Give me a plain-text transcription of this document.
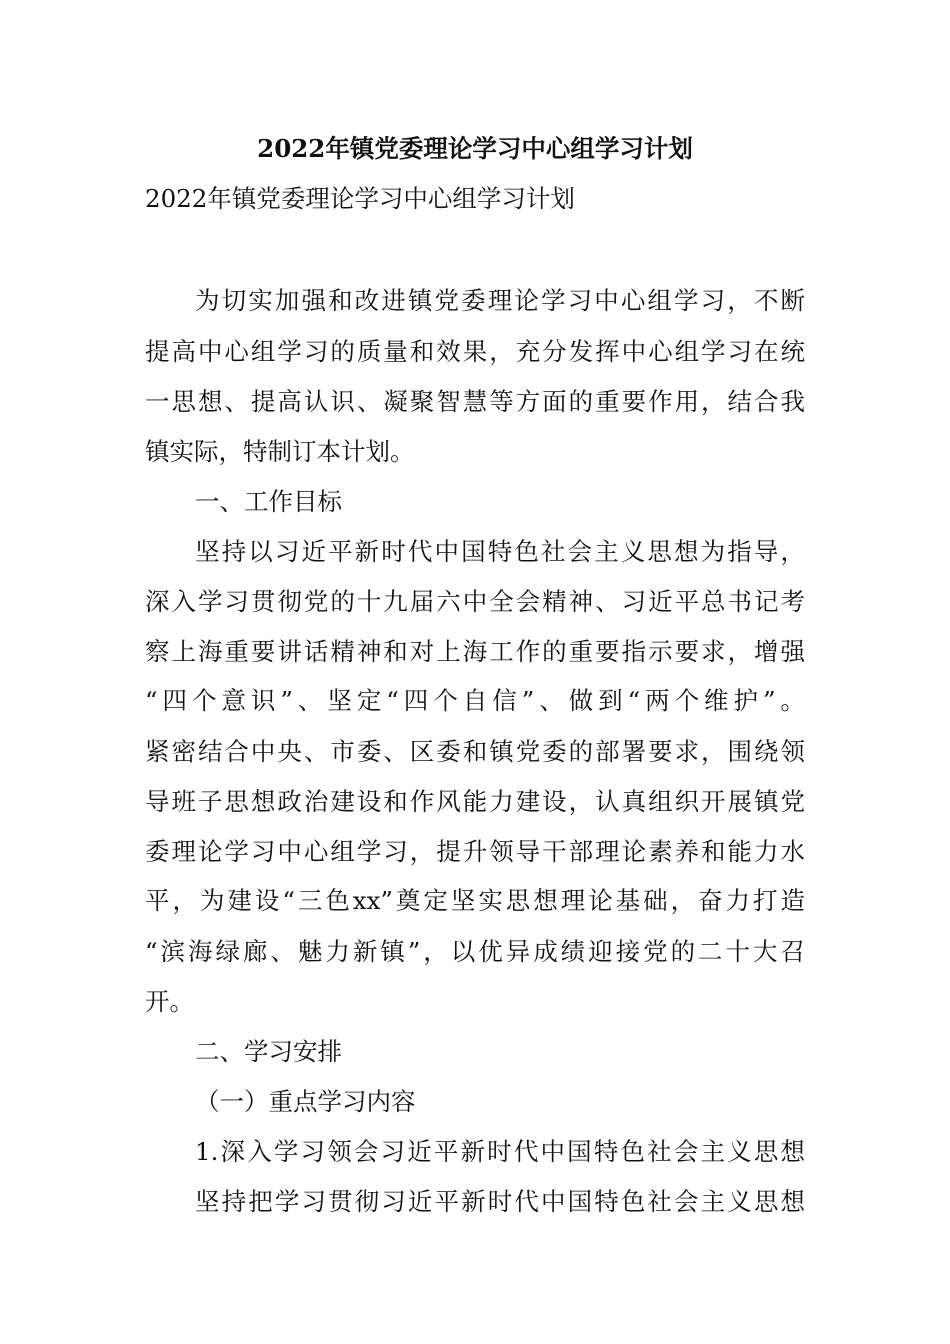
2022年镇党委理论学习中心组学习计划
2022年镇党委理论学习中心组学习计划

为切实加强和改进镇党委理论学习中心组学习，不断

提高中心组学习的质量和效果，充分发挥中心组学习在统

一思想、提高认识、凝聚智慧等方面的重要作用，结合我

镇实际，特制订本计划。

一、工作目标

坚持以习近平新时代中国特色社会主义思想为指导，

深入学习贯彻党的十九届六中全会精神、习近平总书记考

察上海重要讲话精神和对上海工作的重要指示要求，增强

“四个意识”、坚定“四个自信”、做到“两个维护”。

紧密结合中央、市委、区委和镇党委的部署要求，围绕领

导班子思想政治建设和作风能力建设，认真组织开展镇党

委理论学习中心组学习，提升领导干部理论素养和能力水

平，为建设“三色xx”奠定坚实思想理论基础，奋力打造

“滨海绿廊、魅力新镇”，以优异成绩迎接党的二十大召

开。

二、学习安排

（一）重点学习内容

1.深入学习领会习近平新时代中国特色社会主义思想

坚持把学习贯彻习近平新时代中国特色社会主义思想
